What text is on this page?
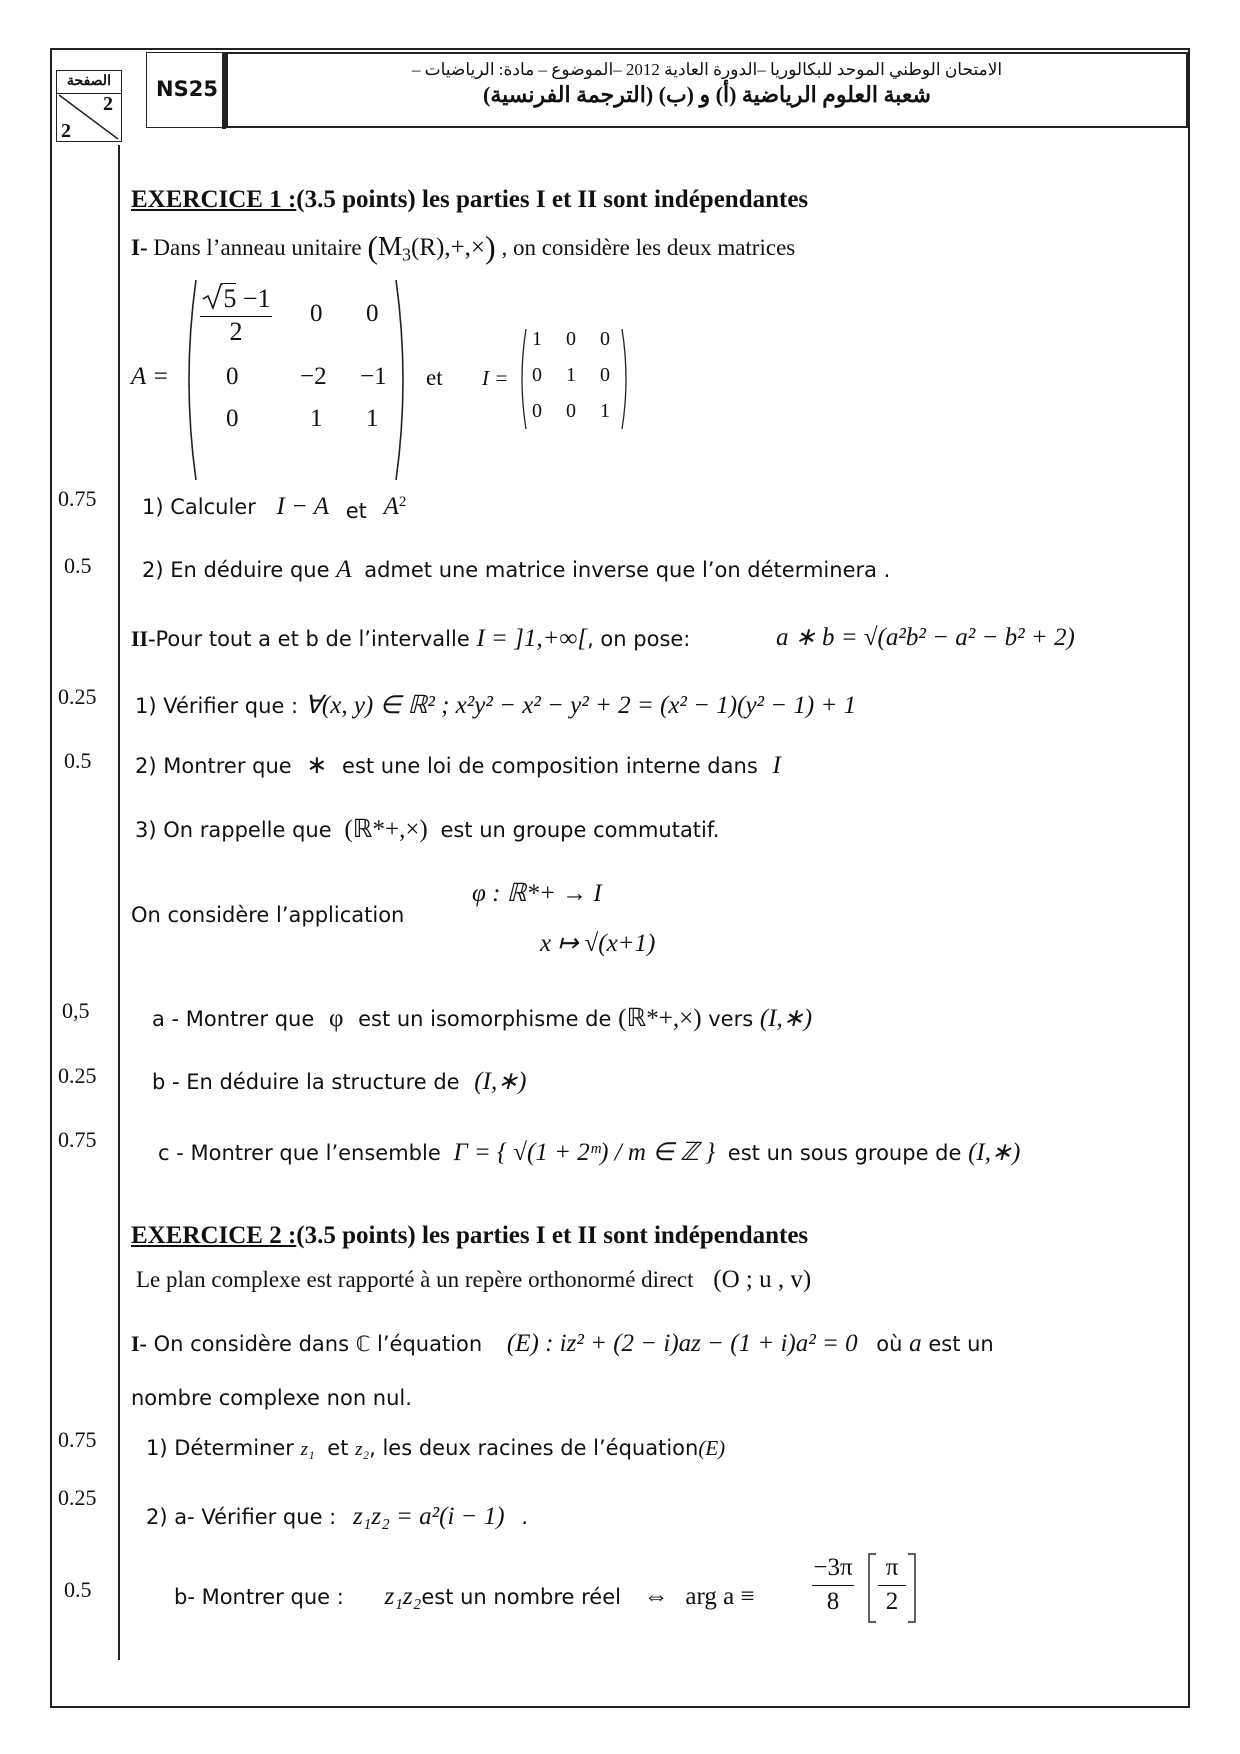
الصفحة
2
2
NS25
الامتحان الوطني الموحد للبكالوريا –الدورة العادية 2012 –الموضوع – مادة: الرياضيات –
شعبة العلوم الرياضية (أ) و (ب) (الترجمة الفرنسية)
0.75
0.5
0.25
0.5
0,5
0.25
0.75
0.75
0.25
0.5
EXERCICE 1 :(3.5 points) les parties I et II sont indépendantes
I- Dans l’anneau unitaire $(M_3(R),+,\times)$ , on considère les deux matrices
A =
5 −1
2
0 0
0 −2 −1
0	1 1
et I =
1 0 0
0 1 0
0 0 1
1) Calculer I − A et $A^2$
2) En déduire que A admet une matrice inverse que l’on déterminera .
II-Pour tout a et b de l’intervalle I = ]1,+∞[, on pose:	a ∗ b = √(a²b² − a² − b² + 2)
1) Vérifier que : ∀(x, y) ∈ ℝ² ; x²y² − x² − y² + 2 = (x² − 1)(y² − 1) + 1
2) Montrer que ∗ est une loi de composition interne dans I
3) On rappelle que (ℝ*+,×) est un groupe commutatif.
On considère l’application
φ : ℝ*+ → I
x ↦ √(x+1)
a - Montrer que φ est un isomorphisme de (ℝ*+,×) vers (I,∗)
b - En déduire la structure de (I,∗)
c - Montrer que l’ensemble Γ = { √(1 + 2ᵐ) / m ∈ ℤ } est un sous groupe de (I,∗)
EXERCICE 2 :(3.5 points) les parties I et II sont indépendantes
Le plan complexe est rapporté à un repère orthonormé direct (O ; u , v)
I- On considère dans ℂ l’équation (E) : iz² + (2 − i)az − (1 + i)a² = 0 où a est un
nombre complexe non nul.
1) Déterminer z₁ et z₂, les deux racines de l’équation(E)
2) a- Vérifier que : z₁z₂ = a²(i − 1) .
b- Montrer que : z₁z₂est un nombre réel ⇔ arg a ≡
−3π
8
π
2
